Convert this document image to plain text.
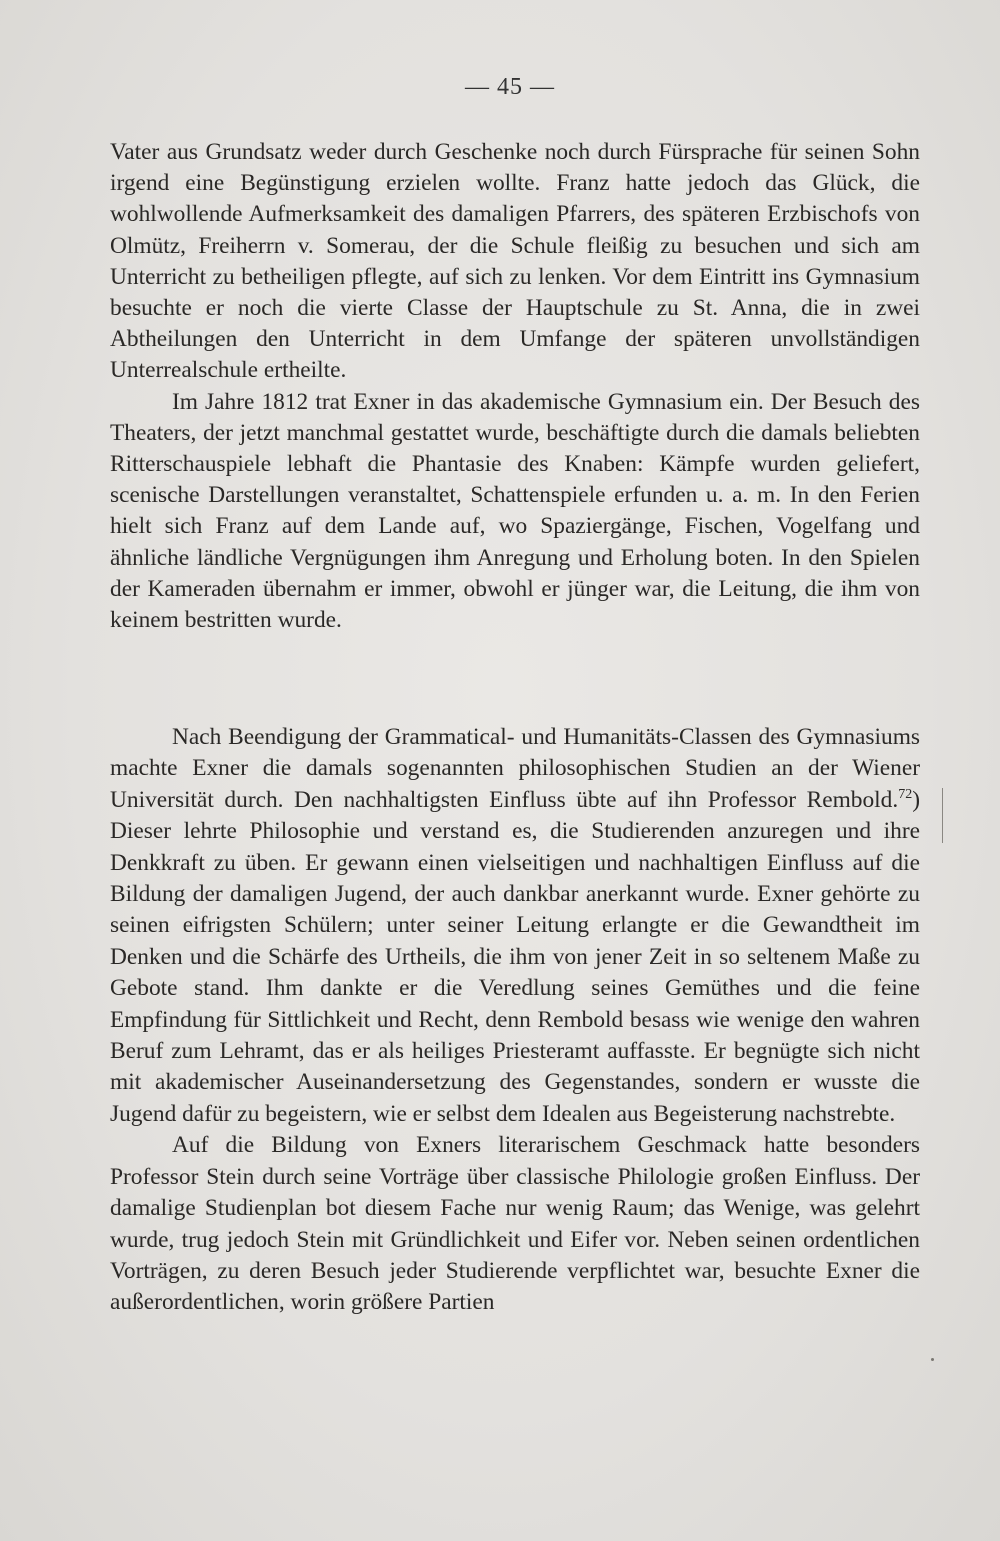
— 45 —

Vater aus Grundsatz weder durch Geschenke noch durch Fürsprache für seinen Sohn irgend eine Begünstigung erzielen wollte. Franz hatte jedoch das Glück, die wohlwollende Aufmerksamkeit des damaligen Pfarrers, des späteren Erzbischofs von Olmütz, Freiherrn v. Somerau, der die Schule fleißig zu besuchen und sich am Unterricht zu betheiligen pflegte, auf sich zu lenken. Vor dem Eintritt ins Gymnasium besuchte er noch die vierte Classe der Hauptschule zu St. Anna, die in zwei Abtheilungen den Unterricht in dem Umfange der späteren unvollständigen Unterrealschule ertheilte.

Im Jahre 1812 trat Exner in das akademische Gymnasium ein. Der Besuch des Theaters, der jetzt manchmal gestattet wurde, beschäftigte durch die damals beliebten Ritterschauspiele lebhaft die Phantasie des Knaben: Kämpfe wurden geliefert, scenische Darstellungen veranstaltet, Schattenspiele erfunden u. a. m. In den Ferien hielt sich Franz auf dem Lande auf, wo Spaziergänge, Fischen, Vogelfang und ähnliche ländliche Vergnügungen ihm Anregung und Erholung boten. In den Spielen der Kameraden übernahm er immer, obwohl er jünger war, die Leitung, die ihm von keinem bestritten wurde.

Nach Beendigung der Grammatical- und Humanitäts-Classen des Gymnasiums machte Exner die damals sogenannten philosophischen Studien an der Wiener Universität durch. Den nachhaltigsten Einfluss übte auf ihn Professor Rembold.$^{72}$) Dieser lehrte Philosophie und verstand es, die Studierenden anzuregen und ihre Denkkraft zu üben. Er gewann einen vielseitigen und nachhaltigen Einfluss auf die Bildung der damaligen Jugend, der auch dankbar anerkannt wurde. Exner gehörte zu seinen eifrigsten Schülern; unter seiner Leitung erlangte er die Gewandtheit im Denken und die Schärfe des Urtheils, die ihm von jener Zeit in so seltenem Maße zu Gebote stand. Ihm dankte er die Veredlung seines Gemüthes und die feine Empfindung für Sittlichkeit und Recht, denn Rembold besass wie wenige den wahren Beruf zum Lehramt, das er als heiliges Priesteramt auffasste. Er begnügte sich nicht mit akademischer Auseinandersetzung des Gegenstandes, sondern er wusste die Jugend dafür zu begeistern, wie er selbst dem Idealen aus Begeisterung nachstrebte.

Auf die Bildung von Exners literarischem Geschmack hatte besonders Professor Stein durch seine Vorträge über classische Philologie großen Einfluss. Der damalige Studienplan bot diesem Fache nur wenig Raum; das Wenige, was gelehrt wurde, trug jedoch Stein mit Gründlichkeit und Eifer vor. Neben seinen ordentlichen Vorträgen, zu deren Besuch jeder Studierende verpflichtet war, besuchte Exner die außerordentlichen, worin größere Partien
